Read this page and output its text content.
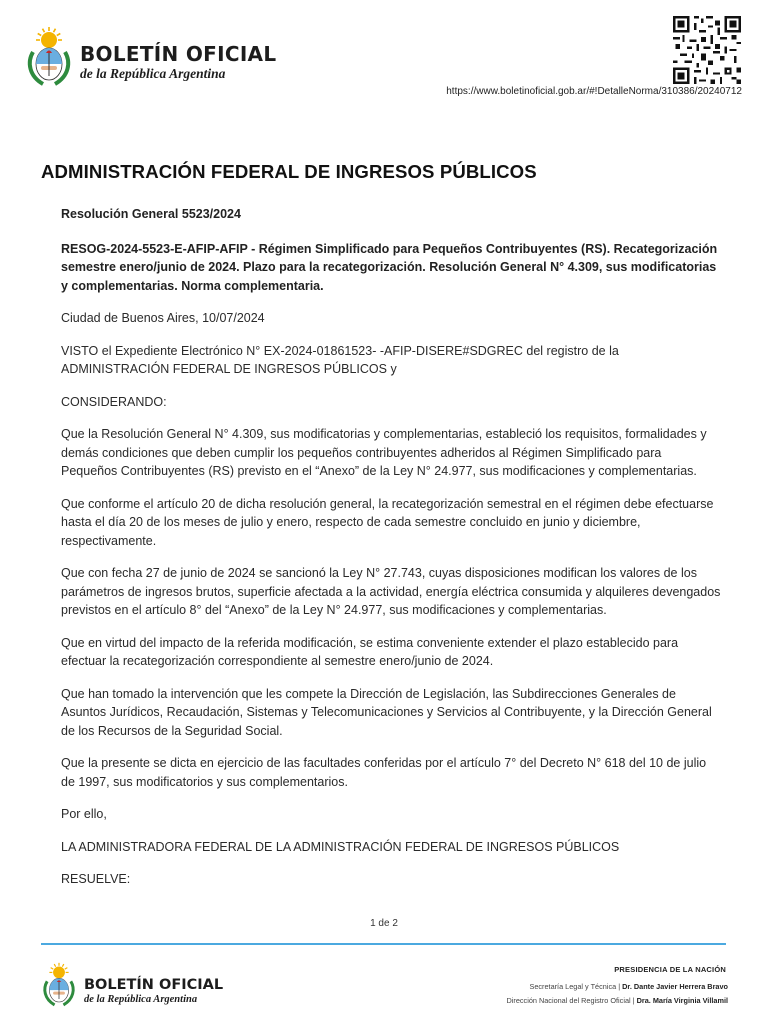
BOLETÍN OFICIAL
de la República Argentina
https://www.boletinoficial.gob.ar/#!DetalleNorma/310386/20240712
ADMINISTRACIÓN FEDERAL DE INGRESOS PÚBLICOS

Resolución General 5523/2024

RESOG-2024-5523-E-AFIP-AFIP - Régimen Simplificado para Pequeños Contribuyentes (RS). Recategorización semestre enero/junio de 2024. Plazo para la recategorización. Resolución General N° 4.309, sus modificatorias y complementarias. Norma complementaria.

Ciudad de Buenos Aires, 10/07/2024

VISTO el Expediente Electrónico N° EX-2024-01861523- -AFIP-DISERE#SDGREC del registro de la ADMINISTRACIÓN FEDERAL DE INGRESOS PÚBLICOS y

CONSIDERANDO:

Que la Resolución General N° 4.309, sus modificatorias y complementarias, estableció los requisitos, formalidades y demás condiciones que deben cumplir los pequeños contribuyentes adheridos al Régimen Simplificado para Pequeños Contribuyentes (RS) previsto en el “Anexo” de la Ley N° 24.977, sus modificaciones y complementarias.

Que conforme el artículo 20 de dicha resolución general, la recategorización semestral en el régimen debe efectuarse hasta el día 20 de los meses de julio y enero, respecto de cada semestre concluido en junio y diciembre, respectivamente.

Que con fecha 27 de junio de 2024 se sancionó la Ley N° 27.743, cuyas disposiciones modifican los valores de los parámetros de ingresos brutos, superficie afectada a la actividad, energía eléctrica consumida y alquileres devengados previstos en el artículo 8° del “Anexo” de la Ley N° 24.977, sus modificaciones y complementarias.

Que en virtud del impacto de la referida modificación, se estima conveniente extender el plazo establecido para efectuar la recategorización correspondiente al semestre enero/junio de 2024.

Que han tomado la intervención que les compete la Dirección de Legislación, las Subdirecciones Generales de Asuntos Jurídicos, Recaudación, Sistemas y Telecomunicaciones y Servicios al Contribuyente, y la Dirección General de los Recursos de la Seguridad Social.

Que la presente se dicta en ejercicio de las facultades conferidas por el artículo 7° del Decreto N° 618 del 10 de julio de 1997, sus modificatorios y sus complementarios.

Por ello,

LA ADMINISTRADORA FEDERAL DE LA ADMINISTRACIÓN FEDERAL DE INGRESOS PÚBLICOS

RESUELVE:

1 de 2
BOLETÍN OFICIAL
de la República Argentina
PRESIDENCIA DE LA NACIÓN
Secretaría Legal y Técnica | Dr. Dante Javier Herrera Bravo
Dirección Nacional del Registro Oficial | Dra. María Virginia Villamil
